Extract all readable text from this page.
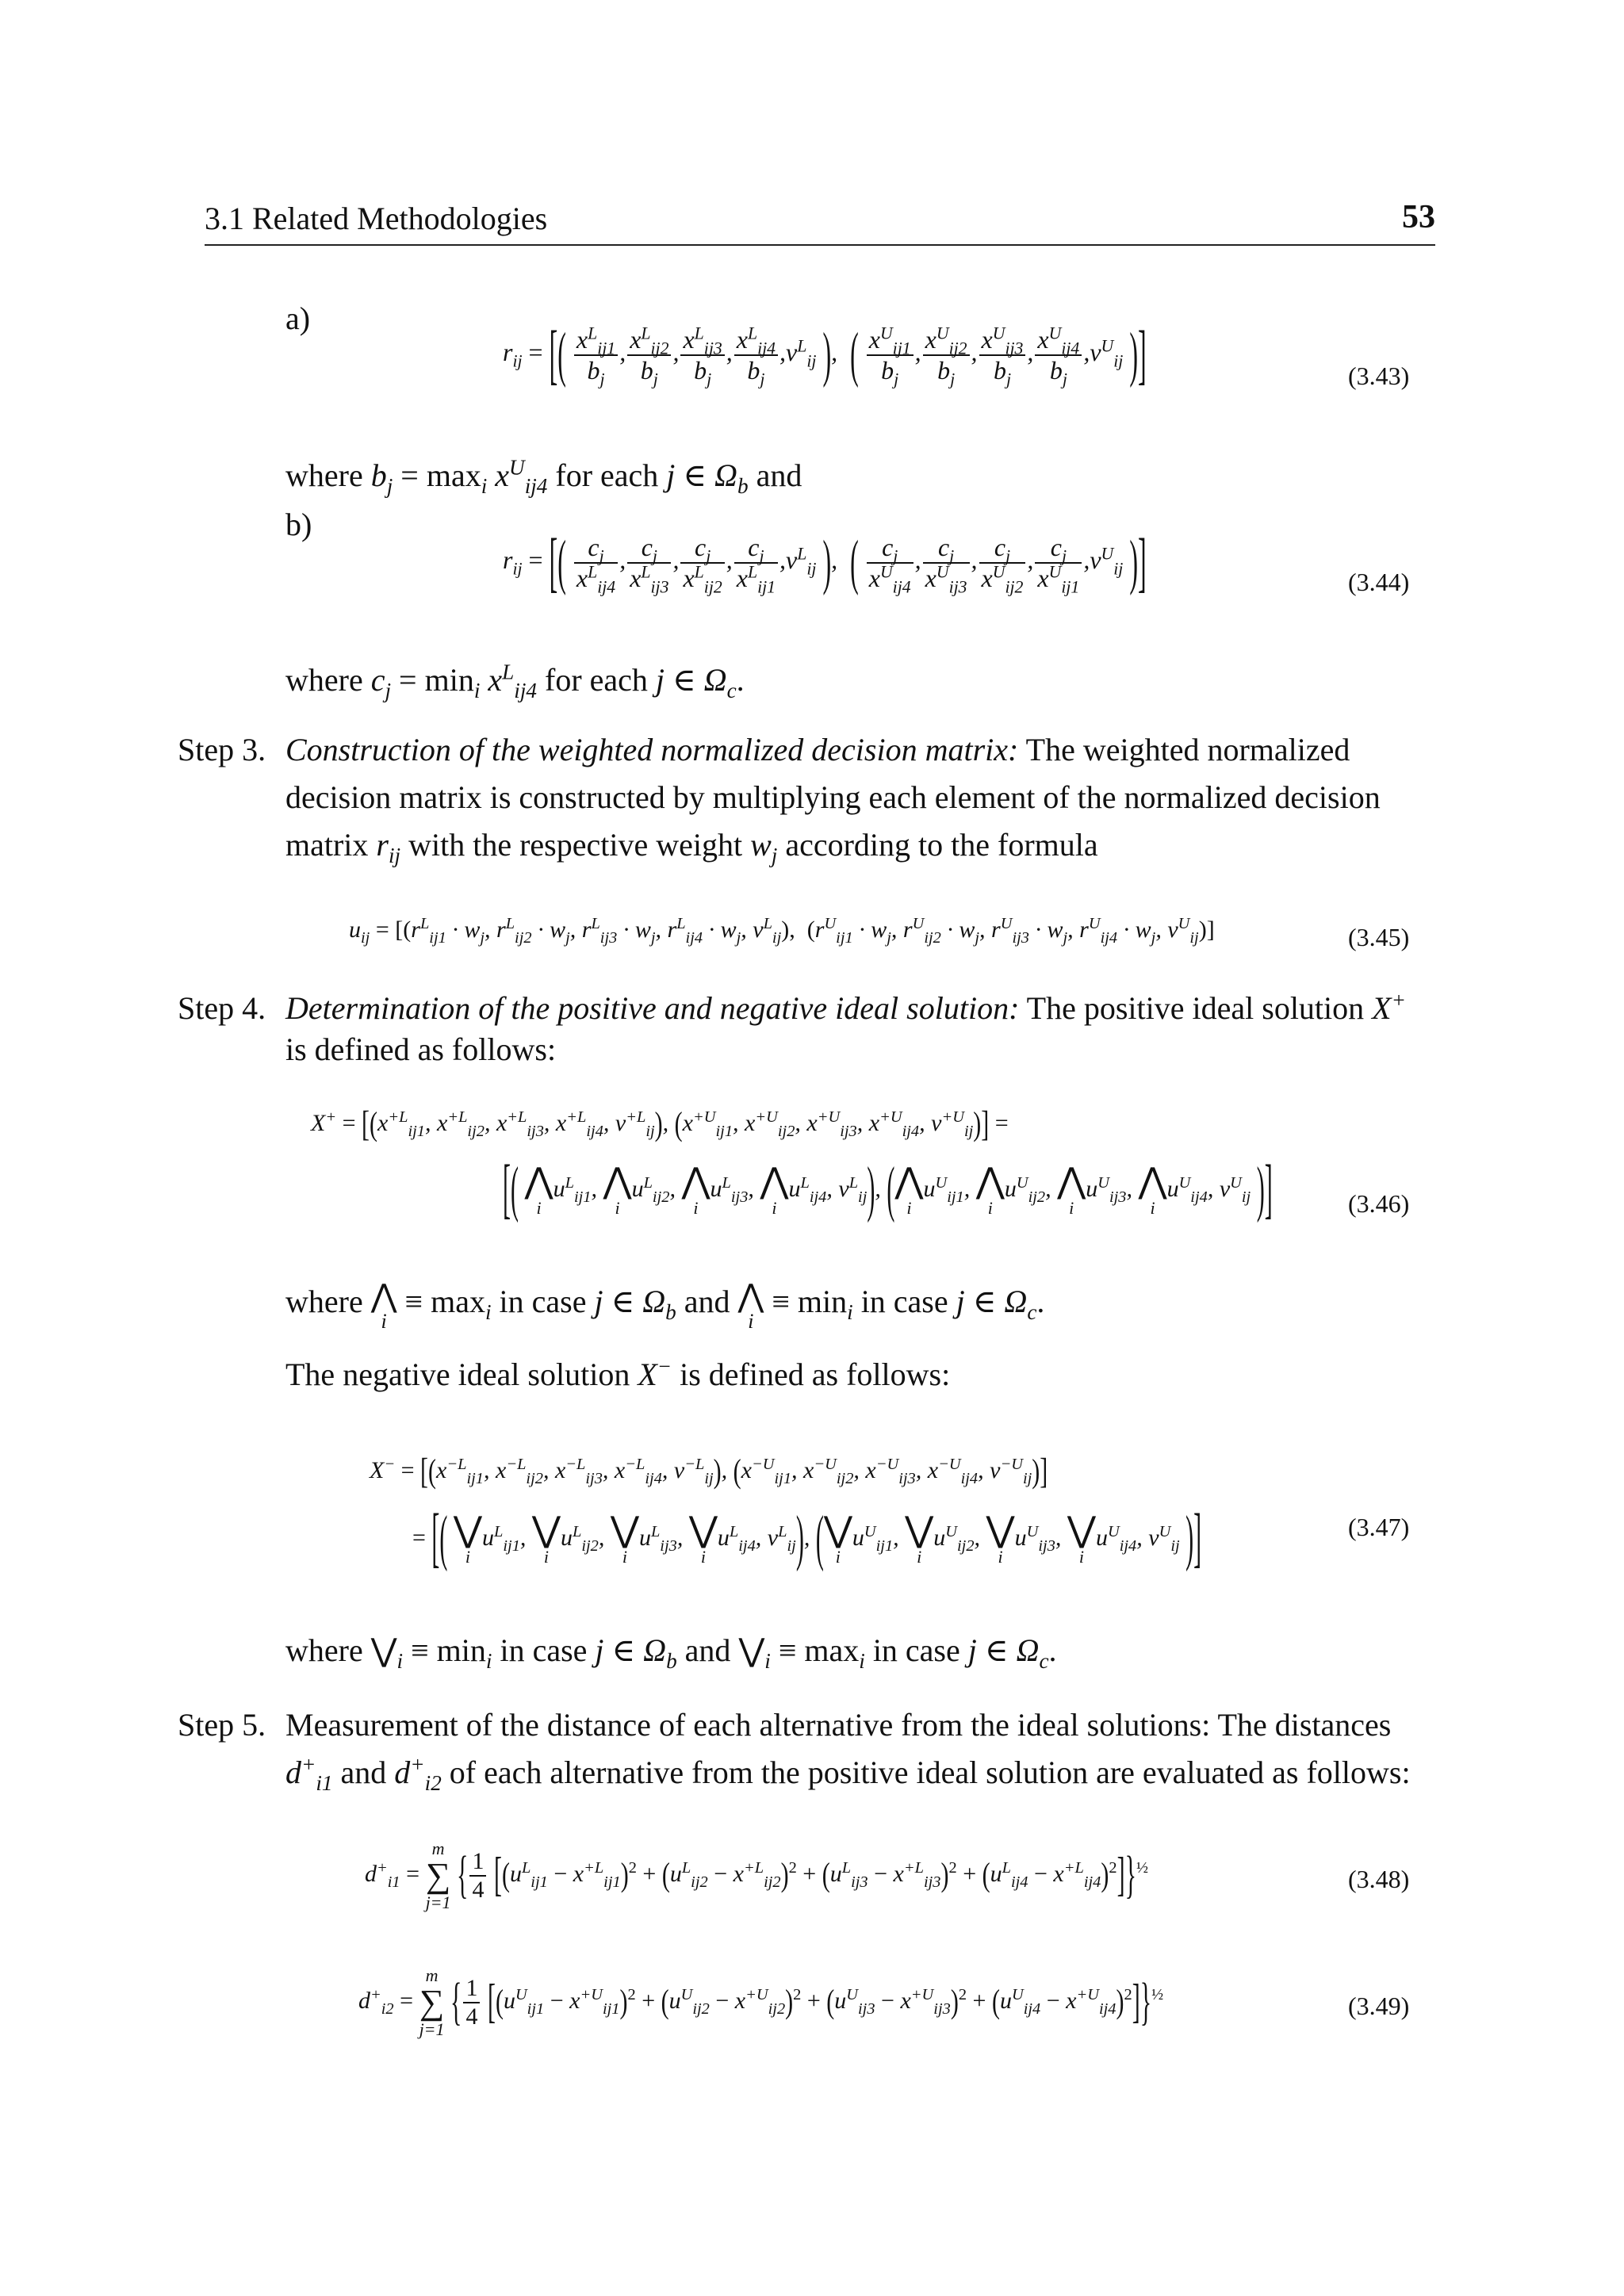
3.1 Related Methodologies	53
a)
$r_{ij}$ = [( $\frac{x^L_{ij1}}{b_j}$ , $\frac{x^L_{ij2}}{b_j}$ , $\frac{x^L_{ij3}}{b_j}$ , $\frac{x^L_{ij4}}{b_j} ,v^L_{ij}$ ),  ( $\frac{x^U_{ij1}}{b_j}$ , $\frac{x^U_{ij2}}{b_j}$ , $\frac{x^U_{ij3}}{b_j}$ , $\frac{x^U_{ij4}}{b_j} ,v^U_{ij}$ )]	(3.43)
where $b_j = \max_i x^U_{ij4}$ for each j ∈ $\Omega_b$ and
b)
$r_{ij}$ = [( $\frac{c_j}{x^L_{ij4}}$ , $\frac{c_j}{x^L_{ij3}}$ , $\frac{c_j}{x^L_{ij2}}$ , $\frac{c_j}{x^L_{ij1}} ,v^L_{ij}$ ),  ( $\frac{c_j}{x^U_{ij4}}$ , $\frac{c_j}{x^U_{ij3}}$ , $\frac{c_j}{x^U_{ij2}}$ , $\frac{c_j}{x^U_{ij1}} ,v^U_{ij}$ )]	(3.44)
where $c_j = \min_i x^L_{ij4}$ for each j ∈ $\Omega_c$.
Step 3. Construction of the weighted normalized decision matrix: The weighted normalized
decision matrix is constructed by multiplying each element of the normalized decision
matrix $r_{ij}$ with the respective weight $w_j$ according to the formula
$u_{ij} = [(r^L_{ij1} \cdot w_j$, $r^L_{ij2} \cdot w_j$, $r^L_{ij3} \cdot w_j$, $r^L_{ij4} \cdot w_j$, $v^L_{ij}$),  ($r^U_{ij1} \cdot w_j$, $r^U_{ij2} \cdot w_j$, $r^U_{ij3} \cdot w_j$, $r^U_{ij4} \cdot w_j$, $v^U_{ij}$)]	(3.45)
Step 4. Determination of the positive and negative ideal solution: The positive ideal solution X+
is defined as follows:
$X^+ = [(x^{+L}_{ij1}$, $x^{+L}_{ij2}$, $x^{+L}_{ij3}$, $x^{+L}_{ij4}$, $v^{+L}_{ij}$), ($x^{+U}_{ij1}$, $x^{+U}_{ij2}$, $x^{+U}_{ij3}$, $x^{+U}_{ij4}$, $v^{+U}_{ij}$)] =
[( ⋀
i
$u^L_{ij1}$, ⋀
i
$u^L_{ij2}$, ⋀
i
$u^L_{ij3}$, ⋀
i
$u^L_{ij4}$, $v^L_{ij}$), ( ⋀
i
$u^U_{ij1}$, ⋀
i
$u^U_{ij2}$, ⋀
i
$u^U_{ij3}$, ⋀
i
$u^U_{ij4}$, $v^U_{ij}$ )]	(3.46)
where ⋀
i
≡ $\max_i$ in case j ∈ $\Omega_b$ and ⋀
i
≡ $\min_i$ in case j ∈ $\Omega_c$.
The negative ideal solution X− is defined as follows:
$X^- = [(x^{-L}_{ij1}$, $x^{-L}_{ij2}$, $x^{-L}_{ij3}$, $x^{-L}_{ij4}$, $v^{-L}_{ij}$), ($x^{-U}_{ij1}$, $x^{-U}_{ij2}$, $x^{-U}_{ij3}$, $x^{-U}_{ij4}$, $v^{-U}_{ij}$)]
= [( ⋁
i
$u^L_{ij1}$, ⋁
i
$u^L_{ij2}$, ⋁
i
$u^L_{ij3}$, ⋁
i
$u^L_{ij4}$, $v^L_{ij}$), ( ⋁
i
$u^U_{ij1}$, ⋁
i
$u^U_{ij2}$, ⋁
i
$u^U_{ij3}$, ⋁
i
$u^U_{ij4}$, $v^U_{ij}$ )]	(3.47)
where $⋁_i \equiv \min_i$ in case j ∈ $\Omega_b$ and $⋁_i \equiv \max_i$ in case j ∈ $\Omega_c$.
Step 5. Measurement of the distance of each alternative from the ideal solutions: The distances
$d^+_{i1}$ and $d^+_{i2}$ of each alternative from the positive ideal solution are evaluated as follows:
$d^+_{i1}$ =
m
∑
j=1 { $\frac{1}{4} [(u^L_{ij1} - x^{+L}_{ij1})^2 + (u^L_{ij2} - x^{+L}_{ij2})^2 + (u^L_{ij3} - x^{+L}_{ij3})^2 + (u^L_{ij4} - x^{+L}_{ij4})^2]\}^{\frac{1}{2}}$	(3.48)
$d^+_{i2}$ =
m
∑
j=1 { $\frac{1}{4} [(u^U_{ij1} - x^{+U}_{ij1})^2 + (u^U_{ij2} - x^{+U}_{ij2})^2 + (u^U_{ij3} - x^{+U}_{ij3})^2 + (u^U_{ij4} - x^{+U}_{ij4})^2]\}^{\frac{1}{2}}$	(3.49)
